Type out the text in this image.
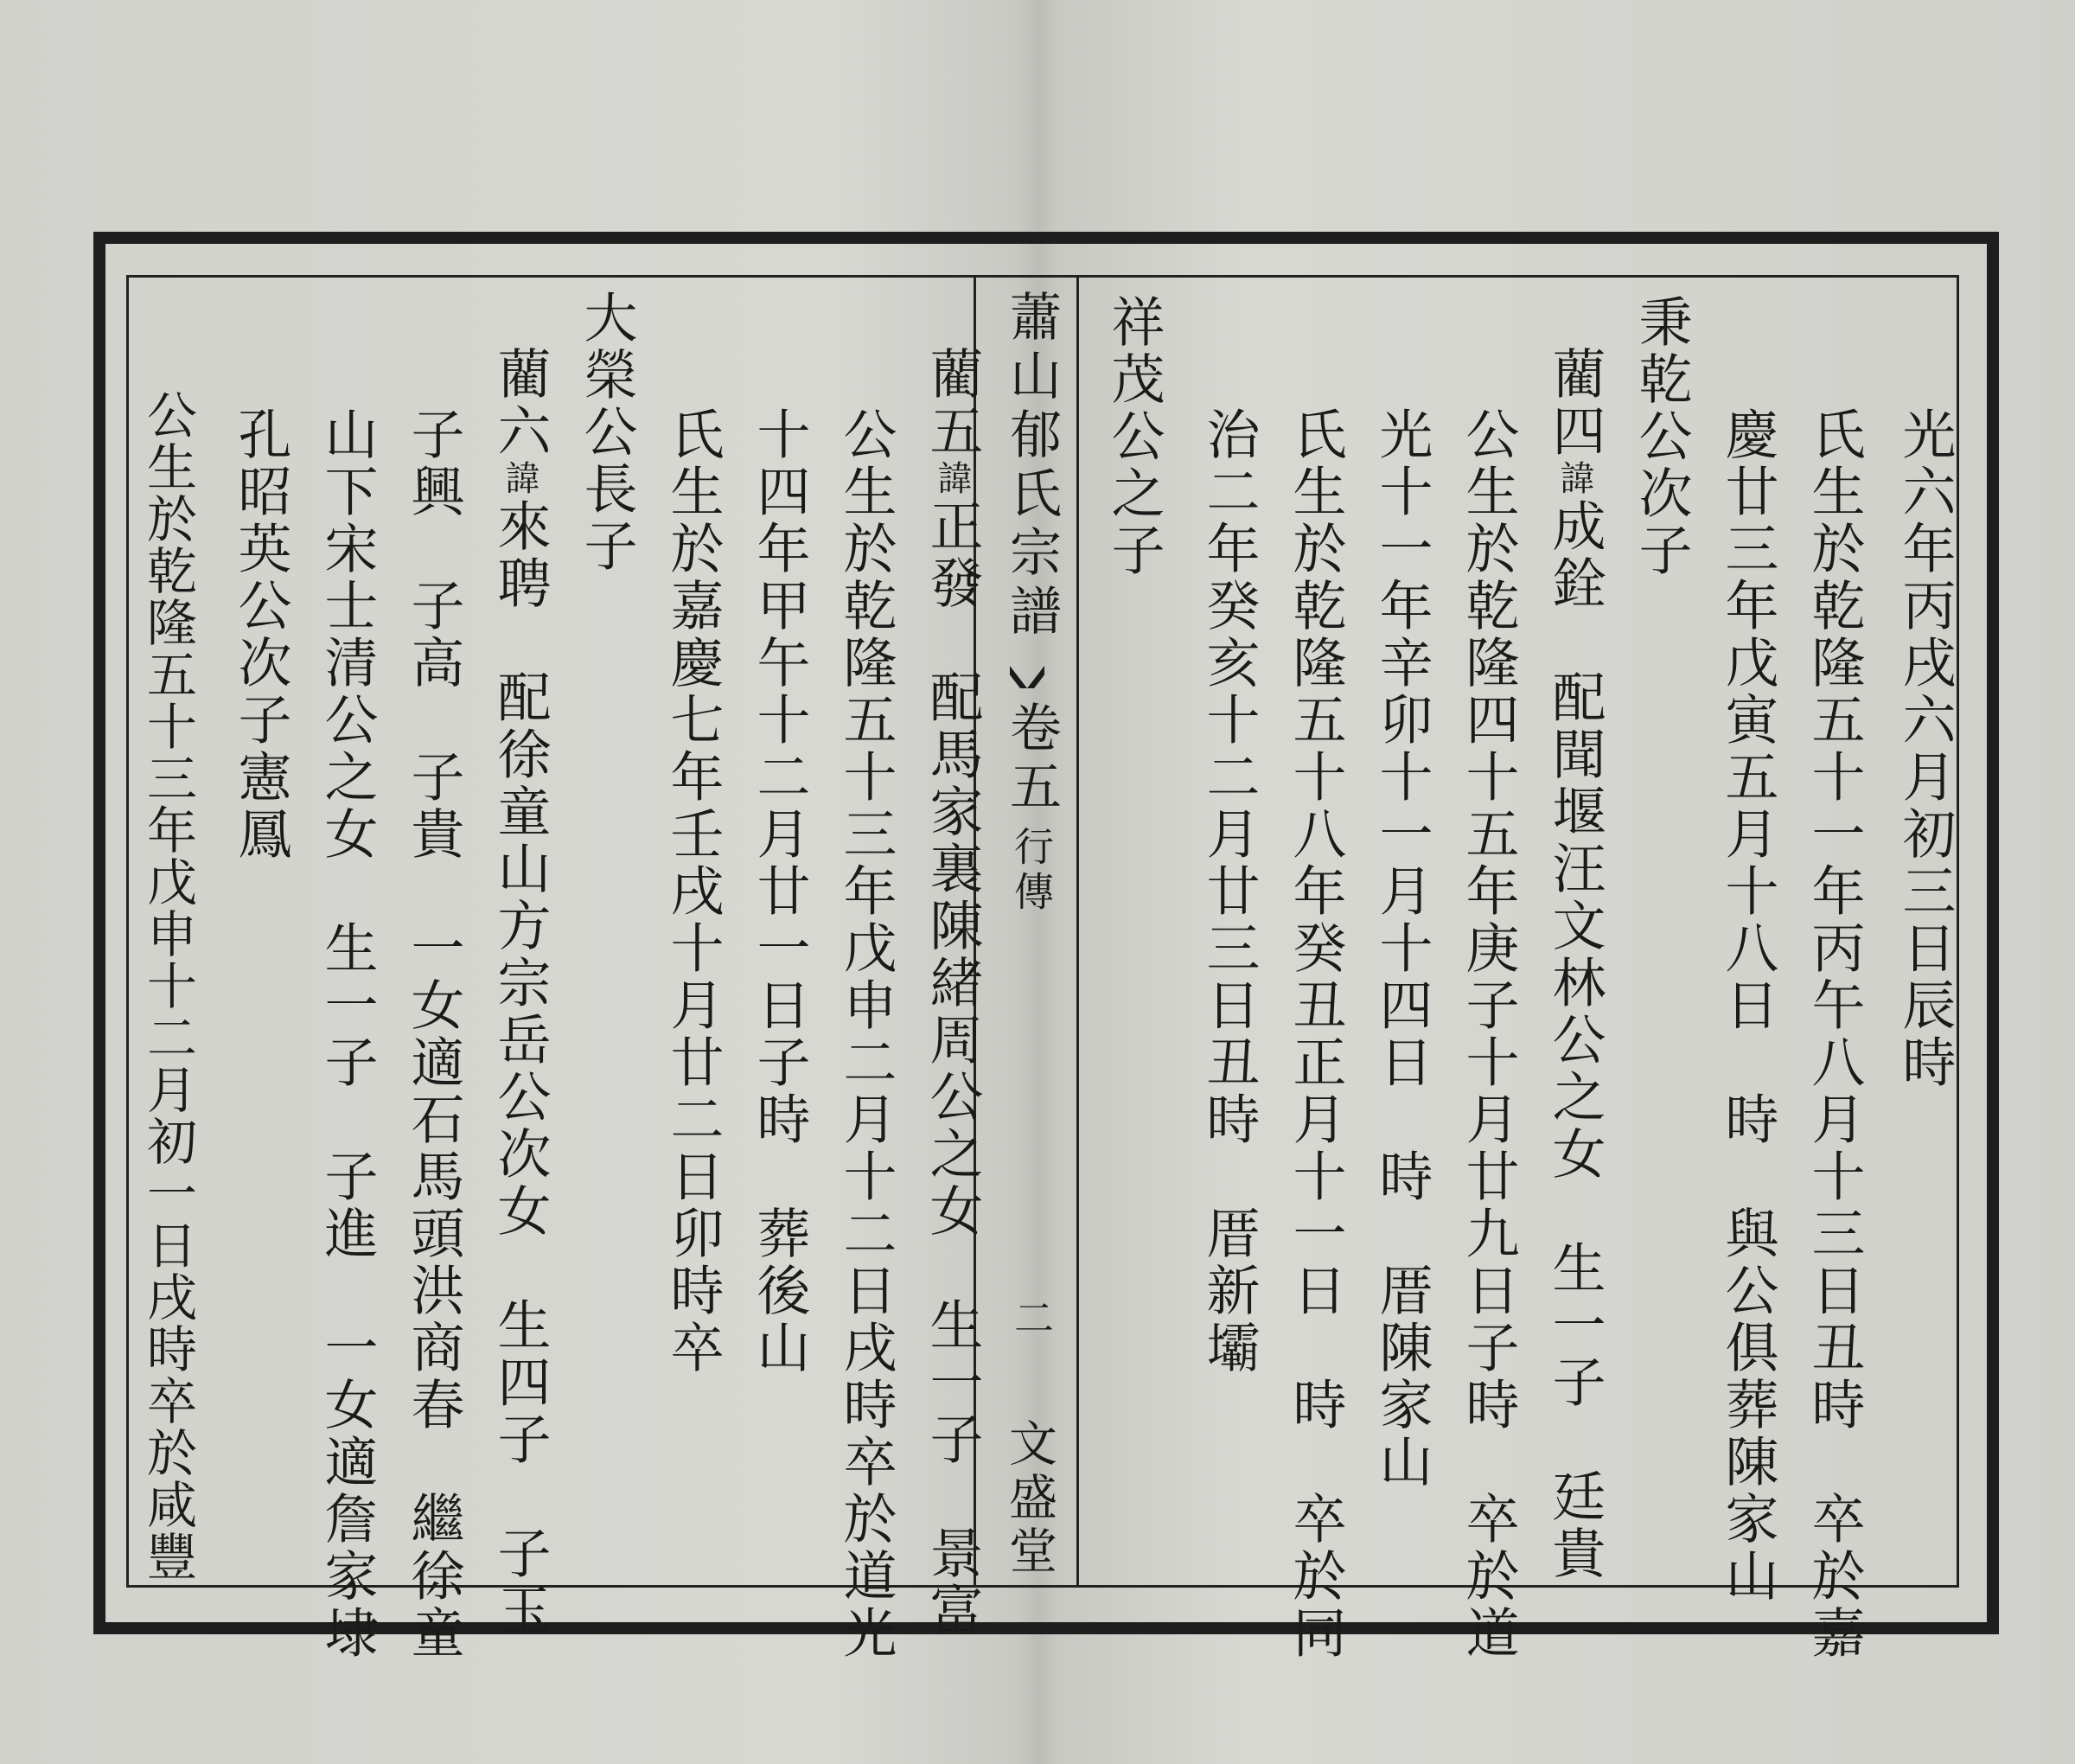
蕭山郁氏宗譜
卷五
行傳
二
文盛堂
光六年丙戌六月初三日辰時
氏生於乾隆五十一年丙午八月十三日丑時　卒於嘉
慶廿三年戊寅五月十八日　時　與公俱葬陳家山
秉乾公次子
藺四諱成銓　配聞堰汪文林公之女　生一子　廷貴
公生於乾隆四十五年庚子十月廿九日子時　卒於道
光十一年辛卯十一月十四日　時　厝陳家山
氏生於乾隆五十八年癸丑正月十一日　時　卒於同
治二年癸亥十二月廿三日丑時　厝新壩
祥茂公之子
氏生於嘉慶七年壬戌十月廿二日卯時卒 十四年甲午十二月廿一日子時　葬後山 公生於乾隆五十三年戊申二月十二日戌時卒於道光
藺五諱正發　配馬家裏陳緒周公之女　生一子　景富
大榮公長子
藺六諱來聘　配徐童山方宗岳公次女　生四子　子玉
子興　子高　子貴　一女適石馬頭洪商春　繼徐童
山下宋士清公之女　生一子　子進　一女適詹家埭
孔昭英公次子憲鳳
公生於乾隆五十三年戊申十二月初一日戌時卒於咸豐
